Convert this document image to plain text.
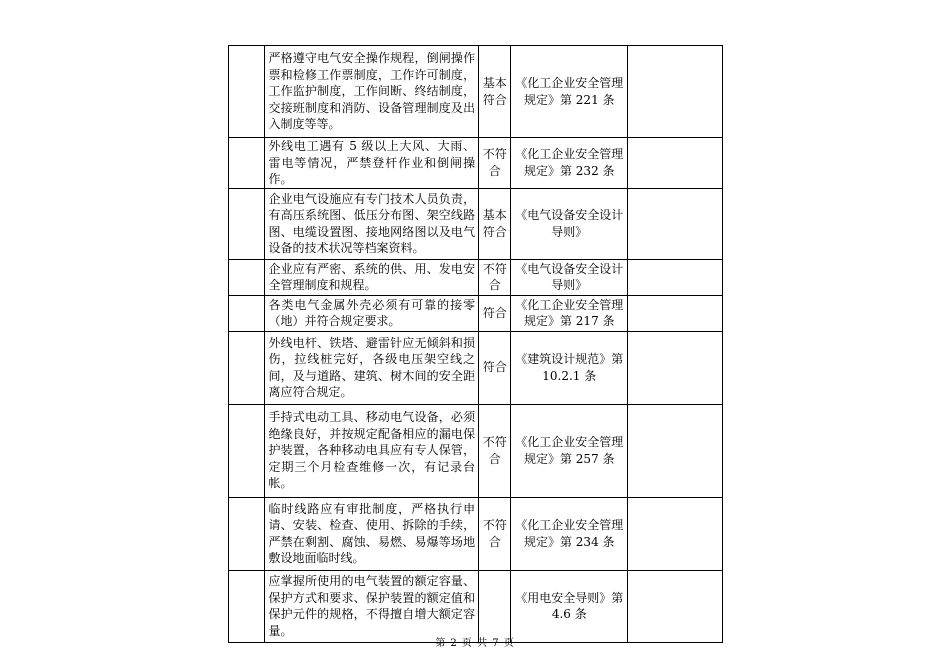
	严格遵守电气安全操作规程，倒闸操作票和检修工作票制度，工作许可制度，工作监护制度，工作间断、终结制度，交接班制度和消防、设备管理制度及出入制度等等。	基本符合	《化工企业安全管理规定》第 221 条	
	外线电工遇有 5 级以上大风、大雨、雷电等情况，严禁登杆作业和倒闸操作。	不符合	《化工企业安全管理规定》第 232 条	
	企业电气设施应有专门技术人员负责，有高压系统图、低压分布图、架空线路图、电缆设置图、接地网络图以及电气设备的技术状况等档案资料。	基本符合	《电气设备安全设计导则》	
	企业应有严密、系统的供、用、发电安全管理制度和规程。	不符合	《电气设备安全设计导则》	
	各类电气金属外壳必须有可靠的接零（地）并符合规定要求。	符合	《化工企业安全管理规定》第 217 条	
	外线电杆、铁塔、避雷针应无倾斜和损伤，拉线桩完好，各级电压架空线之间，及与道路、建筑、树木间的安全距离应符合规定。	符合	《建筑设计规范》第 10.2.1 条	
	手持式电动工具、移动电气设备，必须绝缘良好，并按规定配备相应的漏电保护装置，各种移动电具应有专人保管，定期三个月检查维修一次，有记录台帐。	不符合	《化工企业安全管理规定》第 257 条	
	临时线路应有审批制度，严格执行申请、安装、检查、使用、拆除的手续，严禁在剩割、腐蚀、易燃、易爆等场地敷设地面临时线。	不符合	《化工企业安全管理规定》第 234 条	
	应掌握所使用的电气装置的额定容量、保护方式和要求、保护装置的额定值和保护元件的规格，不得擅自增大额定容量。		《用电安全导则》第 4.6 条	
第 2 页 共 7 页
